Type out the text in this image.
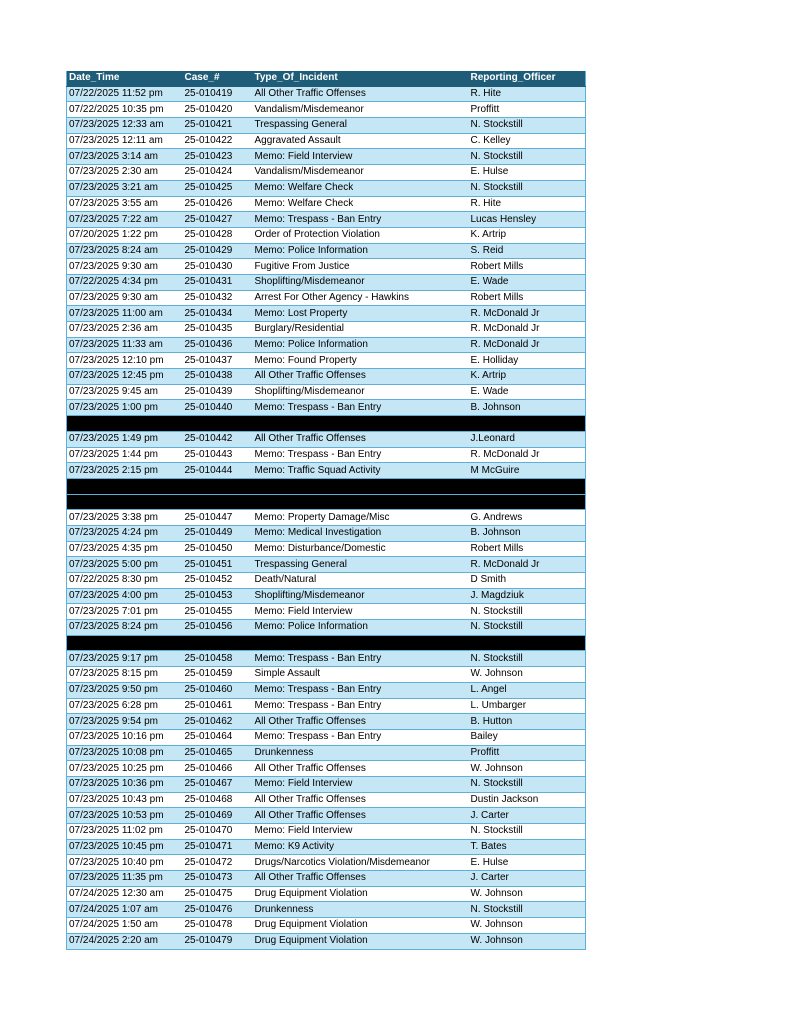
Date_Time	Case_#	Type_Of_Incident	Reporting_Officer
07/22/2025 11:52 pm	25-010419	All Other Traffic Offenses	R. Hite
07/22/2025 10:35 pm	25-010420	Vandalism/Misdemeanor	Proffitt
07/23/2025 12:33 am	25-010421	Trespassing General	N. Stockstill
07/23/2025 12:11 am	25-010422	Aggravated Assault	C. Kelley
07/23/2025 3:14 am	25-010423	Memo: Field Interview	N. Stockstill
07/23/2025 2:30 am	25-010424	Vandalism/Misdemeanor	E. Hulse
07/23/2025 3:21 am	25-010425	Memo: Welfare Check	N. Stockstill
07/23/2025 3:55 am	25-010426	Memo: Welfare Check	R. Hite
07/23/2025 7:22 am	25-010427	Memo: Trespass - Ban Entry	Lucas Hensley
07/20/2025 1:22 pm	25-010428	Order of Protection Violation	K. Artrip
07/23/2025 8:24 am	25-010429	Memo: Police Information	S. Reid
07/23/2025 9:30 am	25-010430	Fugitive From Justice	Robert Mills
07/22/2025 4:34 pm	25-010431	Shoplifting/Misdemeanor	E. Wade
07/23/2025 9:30 am	25-010432	Arrest For Other Agency - Hawkins	Robert Mills
07/23/2025 11:00 am	25-010434	Memo: Lost Property	R. McDonald Jr
07/23/2025 2:36 am	25-010435	Burglary/Residential	R. McDonald Jr
07/23/2025 11:33 am	25-010436	Memo: Police Information	R. McDonald Jr
07/23/2025 12:10 pm	25-010437	Memo: Found Property	E. Holliday
07/23/2025 12:45 pm	25-010438	All Other Traffic Offenses	K. Artrip
07/23/2025 9:45 am	25-010439	Shoplifting/Misdemeanor	E. Wade
07/23/2025 1:00 pm	25-010440	Memo: Trespass - Ban Entry	B. Johnson

07/23/2025 1:49 pm	25-010442	All Other Traffic Offenses	J.Leonard
07/23/2025 1:44 pm	25-010443	Memo: Trespass - Ban Entry	R. McDonald Jr
07/23/2025 2:15 pm	25-010444	Memo: Traffic Squad Activity	M McGuire

07/23/2025 3:38 pm	25-010447	Memo: Property Damage/Misc	G. Andrews
07/23/2025 4:24 pm	25-010449	Memo: Medical Investigation	B. Johnson
07/23/2025 4:35 pm	25-010450	Memo: Disturbance/Domestic	Robert Mills
07/23/2025 5:00 pm	25-010451	Trespassing General	R. McDonald Jr
07/22/2025 8:30 pm	25-010452	Death/Natural	D Smith
07/23/2025 4:00 pm	25-010453	Shoplifting/Misdemeanor	J. Magdziuk
07/23/2025 7:01 pm	25-010455	Memo: Field Interview	N. Stockstill
07/23/2025 8:24 pm	25-010456	Memo: Police Information	N. Stockstill

07/23/2025 9:17 pm	25-010458	Memo: Trespass - Ban Entry	N. Stockstill
07/23/2025 8:15 pm	25-010459	Simple Assault	W. Johnson
07/23/2025 9:50 pm	25-010460	Memo: Trespass - Ban Entry	L. Angel
07/23/2025 6:28 pm	25-010461	Memo: Trespass - Ban Entry	L. Umbarger
07/23/2025 9:54 pm	25-010462	All Other Traffic Offenses	B. Hutton
07/23/2025 10:16 pm	25-010464	Memo: Trespass - Ban Entry	Bailey
07/23/2025 10:08 pm	25-010465	Drunkenness	Proffitt
07/23/2025 10:25 pm	25-010466	All Other Traffic Offenses	W. Johnson
07/23/2025 10:36 pm	25-010467	Memo: Field Interview	N. Stockstill
07/23/2025 10:43 pm	25-010468	All Other Traffic Offenses	Dustin Jackson
07/23/2025 10:53 pm	25-010469	All Other Traffic Offenses	J. Carter
07/23/2025 11:02 pm	25-010470	Memo: Field Interview	N. Stockstill
07/23/2025 10:45 pm	25-010471	Memo: K9 Activity	T. Bates
07/23/2025 10:40 pm	25-010472	Drugs/Narcotics Violation/Misdemeanor	E. Hulse
07/23/2025 11:35 pm	25-010473	All Other Traffic Offenses	J. Carter
07/24/2025 12:30 am	25-010475	Drug Equipment Violation	W. Johnson
07/24/2025 1:07 am	25-010476	Drunkenness	N. Stockstill
07/24/2025 1:50 am	25-010478	Drug Equipment Violation	W. Johnson
07/24/2025 2:20 am	25-010479	Drug Equipment Violation	W. Johnson
